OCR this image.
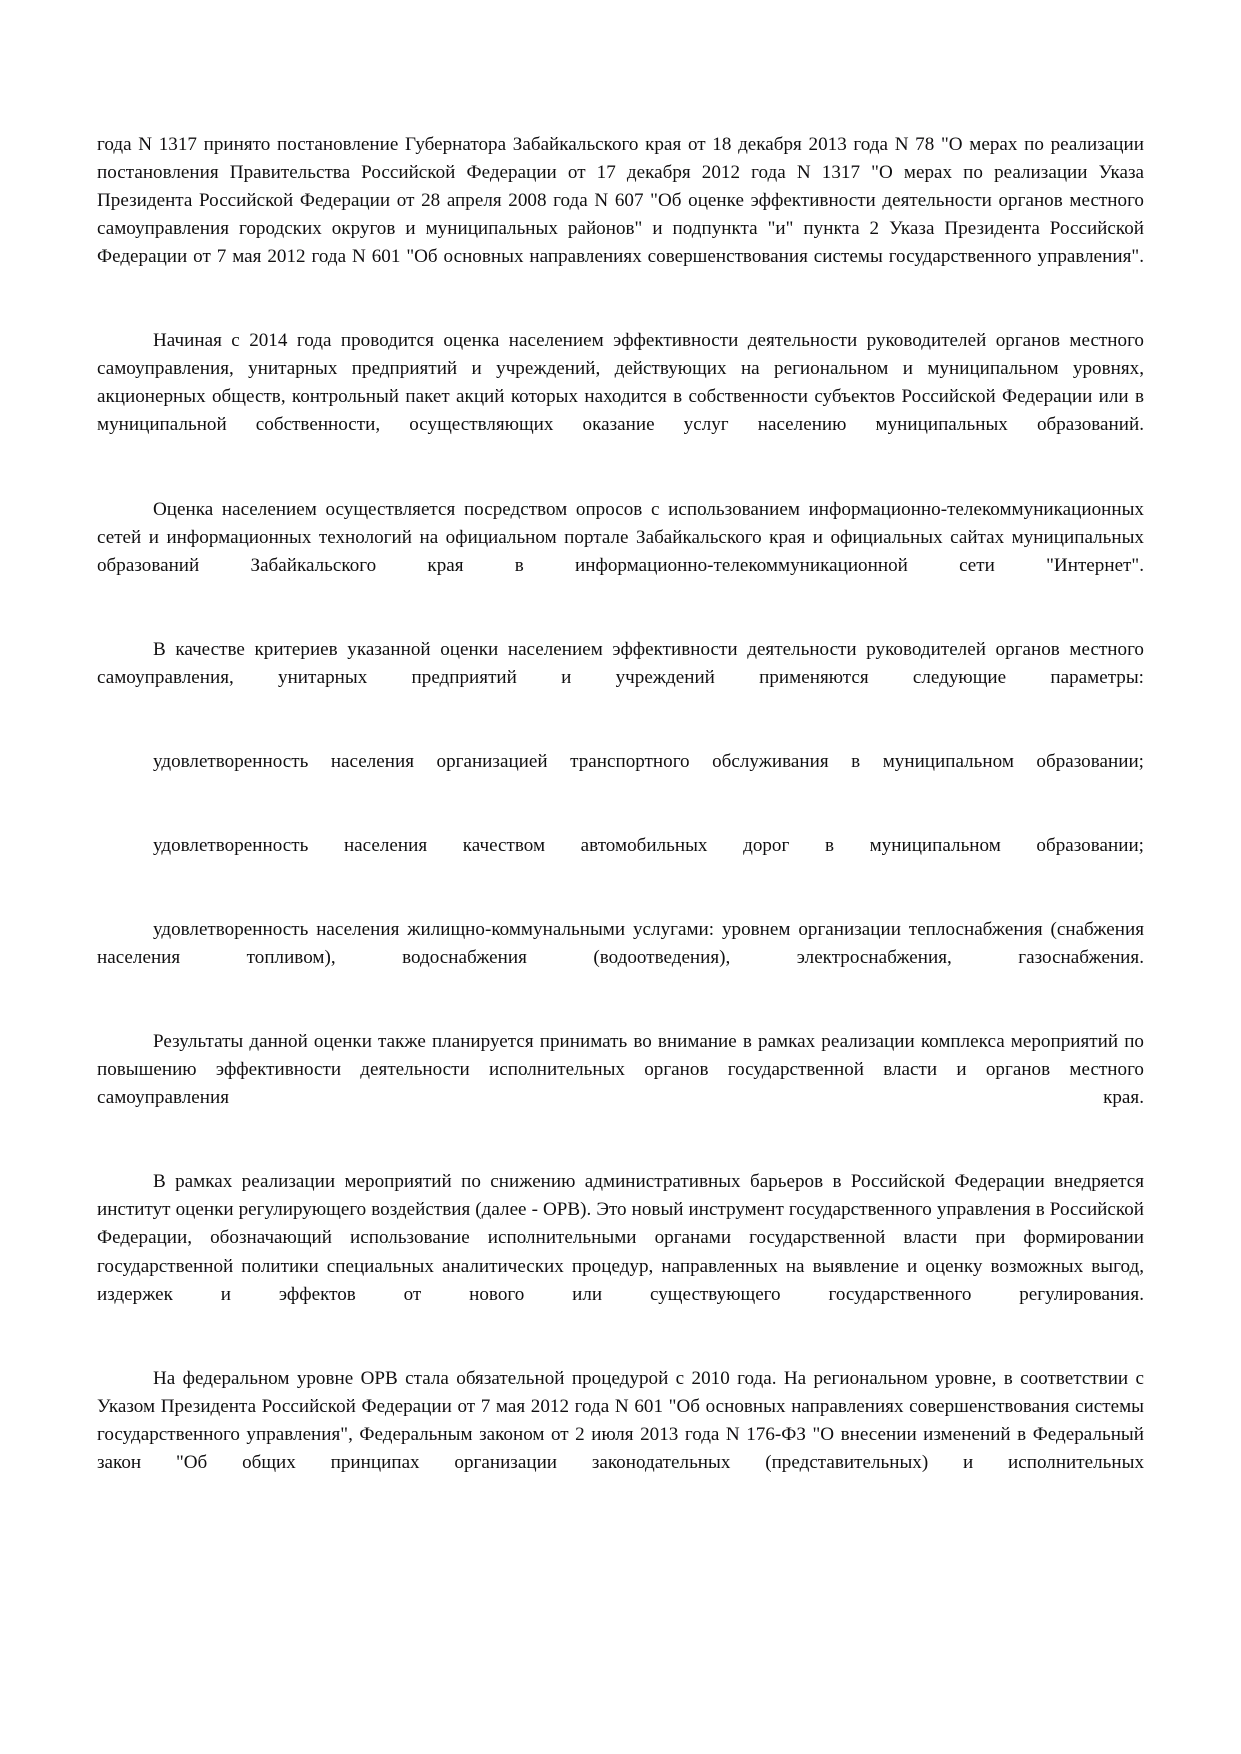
года N 1317 принято постановление Губернатора Забайкальского края от 18 декабря 2013 года N 78 "О мерах по реализации постановления Правительства Российской Федерации от 17 декабря 2012 года N 1317 "О мерах по реализации Указа Президента Российской Федерации от 28 апреля 2008 года N 607 "Об оценке эффективности деятельности органов местного самоуправления городских округов и муниципальных районов" и подпункта "и" пункта 2 Указа Президента Российской Федерации от 7 мая 2012 года N 601 "Об основных направлениях совершенствования системы государственного управления".

Начиная с 2014 года проводится оценка населением эффективности деятельности руководителей органов местного самоуправления, унитарных предприятий и учреждений, действующих на региональном и муниципальном уровнях, акционерных обществ, контрольный пакет акций которых находится в собственности субъектов Российской Федерации или в муниципальной собственности, осуществляющих оказание услуг населению муниципальных образований.

Оценка населением осуществляется посредством опросов с использованием информационно-телекоммуникационных сетей и информационных технологий на официальном портале Забайкальского края и официальных сайтах муниципальных образований Забайкальского края в информационно-телекоммуникационной сети "Интернет".

В качестве критериев указанной оценки населением эффективности деятельности руководителей органов местного самоуправления, унитарных предприятий и учреждений применяются следующие параметры:

удовлетворенность населения организацией транспортного обслуживания в муниципальном образовании;

удовлетворенность населения качеством автомобильных дорог в муниципальном образовании;

удовлетворенность населения жилищно-коммунальными услугами: уровнем организации теплоснабжения (снабжения населения топливом), водоснабжения (водоотведения), электроснабжения, газоснабжения.

Результаты данной оценки также планируется принимать во внимание в рамках реализации комплекса мероприятий по повышению эффективности деятельности исполнительных органов государственной власти и органов местного самоуправления края.

В рамках реализации мероприятий по снижению административных барьеров в Российской Федерации внедряется институт оценки регулирующего воздействия (далее - ОРВ). Это новый инструмент государственного управления в Российской Федерации, обозначающий использование исполнительными органами государственной власти при формировании государственной политики специальных аналитических процедур, направленных на выявление и оценку возможных выгод, издержек и эффектов от нового или существующего государственного регулирования.

На федеральном уровне ОРВ стала обязательной процедурой с 2010 года. На региональном уровне, в соответствии с Указом Президента Российской Федерации от 7 мая 2012 года N 601 "Об основных направлениях совершенствования системы государственного управления", Федеральным законом от 2 июля 2013 года N 176-ФЗ "О внесении изменений в Федеральный закон "Об общих принципах организации законодательных (представительных) и исполнительных
